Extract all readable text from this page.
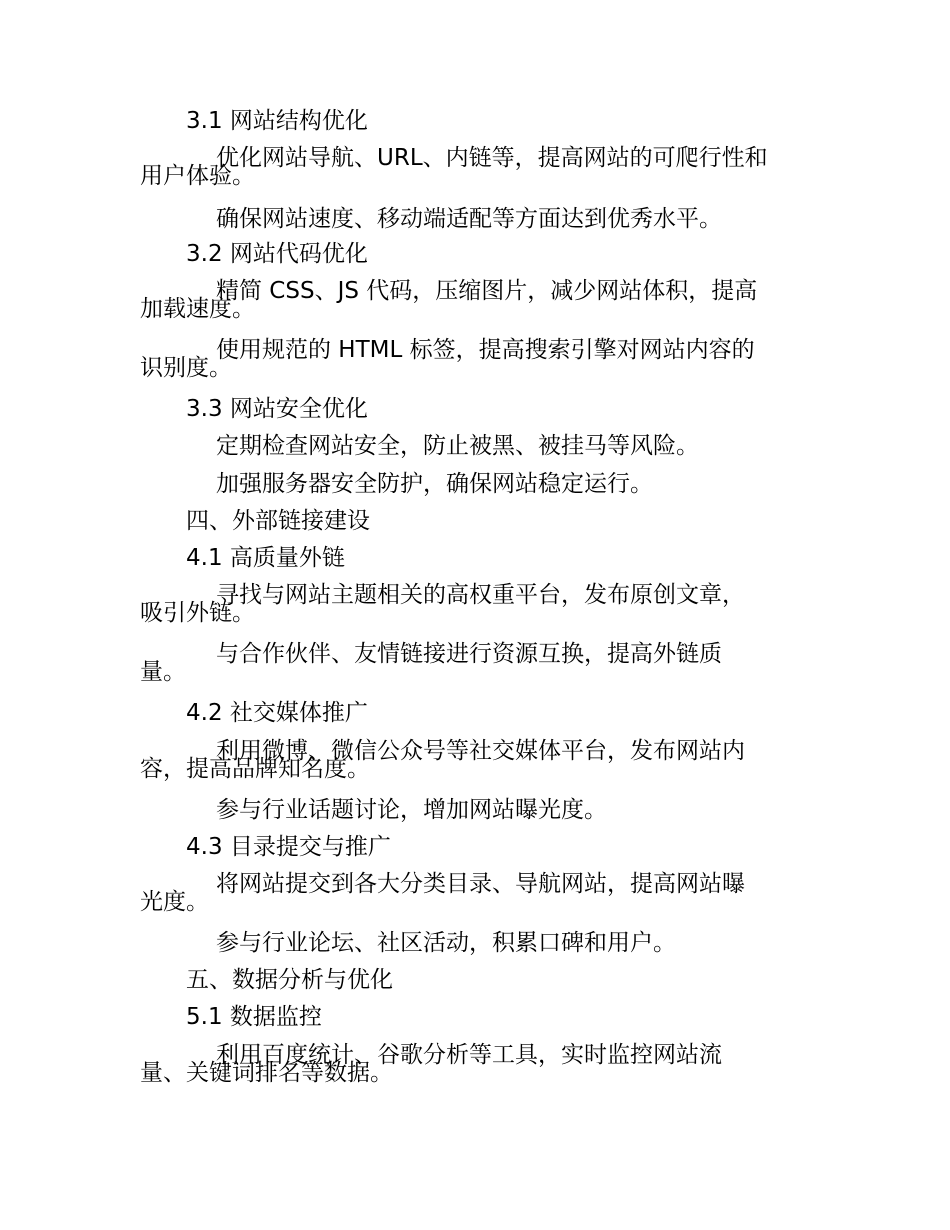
3.1 网站结构优化
优化网站导航、URL、内链等，提高网站的可爬行性和
用户体验。
确保网站速度、移动端适配等方面达到优秀水平。
3.2 网站代码优化
精简 CSS、JS 代码，压缩图片，减少网站体积，提高
加载速度。
使用规范的 HTML 标签，提高搜索引擎对网站内容的
识别度。
3.3 网站安全优化
定期检查网站安全，防止被黑、被挂马等风险。
加强服务器安全防护，确保网站稳定运行。
四、外部链接建设
4.1 高质量外链
寻找与网站主题相关的高权重平台，发布原创文章，
吸引外链。
与合作伙伴、友情链接进行资源互换，提高外链质
量。
4.2 社交媒体推广
利用微博、微信公众号等社交媒体平台，发布网站内
容，提高品牌知名度。
参与行业话题讨论，增加网站曝光度。
4.3 目录提交与推广
将网站提交到各大分类目录、导航网站，提高网站曝
光度。
参与行业论坛、社区活动，积累口碑和用户。
五、数据分析与优化
5.1 数据监控
利用百度统计、谷歌分析等工具，实时监控网站流
量、关键词排名等数据。
